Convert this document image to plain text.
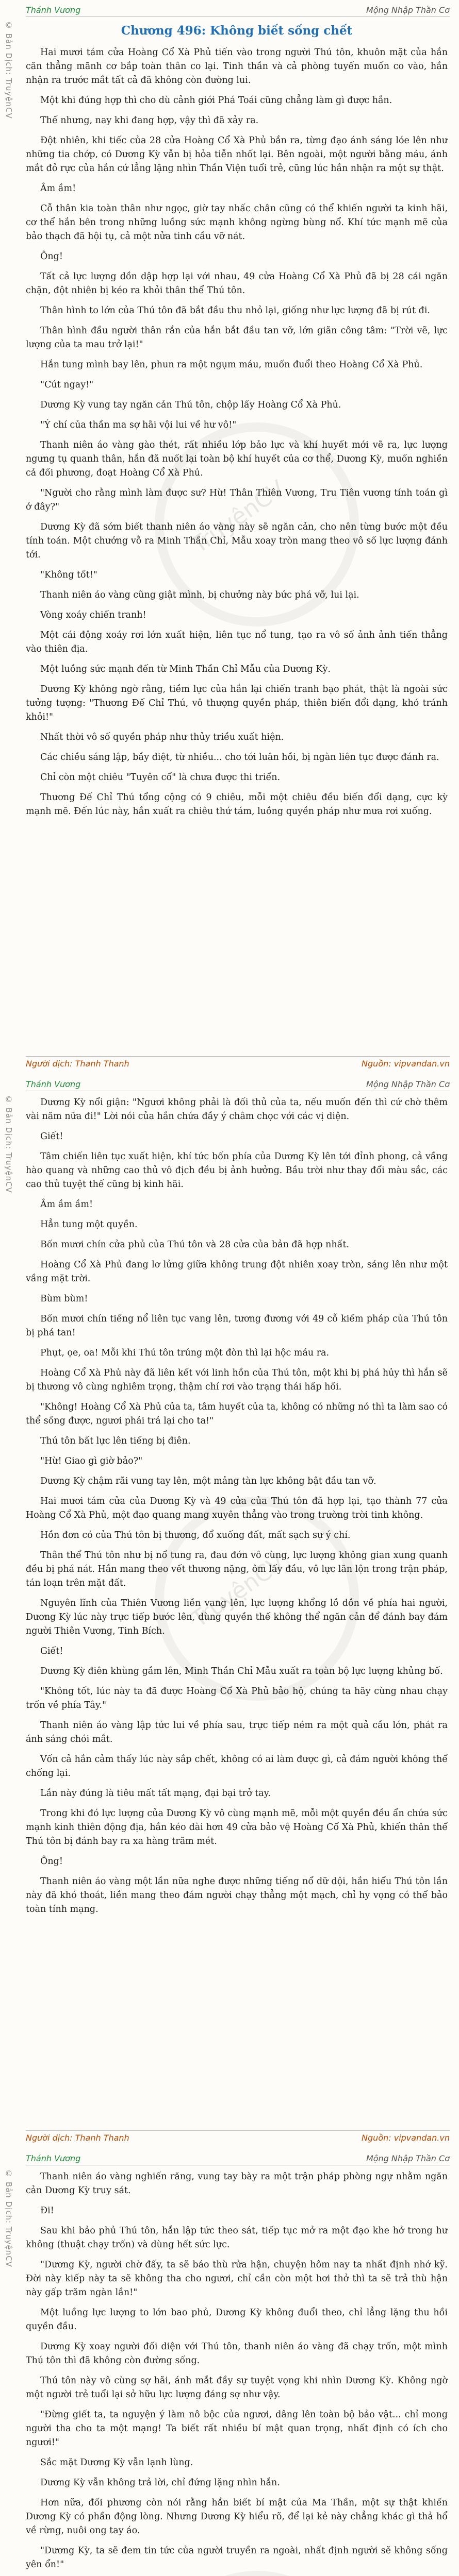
© Bản Dịch: TruyệnCV
Thánh Vương	Mộng Nhập Thần Cơ
TruyệnCV
Chương 496: Không biết sống chết

Hai mươi tám cửa Hoàng Cổ Xà Phủ tiến vào trong người Thú tôn, khuôn mặt của hắn căn thẳng mãnh cơ bắp toàn thân co lại. Tinh thần và cả phòng tuyến muốn co vào, hắn nhận ra trước mắt tất cả đã không còn đường lui.

Một khi đúng hợp thì cho dù cảnh giới Phá Toái cũng chẳng làm gì được hắn.

Thế nhưng, nay khi đang hợp, vậy thì đã xảy ra.

Đột nhiên, khi tiếc của 28 cửa Hoàng Cổ Xà Phủ bắn ra, từng đạo ánh sáng lóe lên như những tia chớp, có Dương Kỳ vẫn bị hỏa tiễn nhốt lại. Bên ngoài, một người bằng máu, ánh mắt đỏ rực của hắn cứ lẳng lặng nhìn Thần Viện tuổi trẻ, cũng lúc hắn nhận ra một sự thật.

Âm ầm!

Cỗ thân kia toàn thân như ngọc, giờ tay nhấc chân cũng có thể khiến người ta kinh hãi, cơ thể hắn bên trong những luồng sức mạnh không ngừng bùng nổ. Khí tức mạnh mẽ của bảo thạch đã hội tụ, cả một nửa tinh cầu vỡ nát.

Ông!

Tất cả lực lượng dồn dập hợp lại với nhau, 49 cửa Hoàng Cổ Xà Phủ đã bị 28 cái ngăn chặn, đột nhiên bị kéo ra khỏi thân thể Thú tôn.

Thân hình to lớn của Thú tôn đã bắt đầu thu nhỏ lại, giống như lực lượng đã bị rút đi.

Thân hình đầu người thân rắn của hắn bắt đầu tan vỡ, lớn giãn công tâm: "Trời vẽ, lực lượng của ta mau trở lại!"

Hắn tung mình bay lên, phun ra một ngụm máu, muốn đuổi theo Hoàng Cổ Xà Phủ.

"Cút ngay!"

Dương Kỳ vung tay ngăn cản Thú tôn, chộp lấy Hoàng Cổ Xà Phủ.

"Ý chí của thần ma sợ hãi vội lui về hư vô!"

Thanh niên áo vàng gào thét, rất nhiều lớp bảo lực và khí huyết mới vẽ ra, lực lượng ngưng tụ quanh thân, hắn đã nuốt lại toàn bộ khí huyết của cơ thể, Dương Kỳ, muốn nghiền cả đối phương, đoạt Hoàng Cổ Xà Phủ.

"Người cho rằng mình làm được sư? Hừ! Thân Thiên Vương, Tru Tiên vương tính toán gì ở đây?"

Dương Kỳ đã sớm biết thanh niên áo vàng này sẽ ngăn cản, cho nên từng bước một đều tính toán. Một chưởng vỗ ra Minh Thần Chỉ, Mẫu xoay tròn mang theo vô số lực lượng đánh tới.

"Không tốt!"

Thanh niên áo vàng cũng giật mình, bị chưởng này bức phá vỡ, lui lại.

Vòng xoáy chiến tranh!

Một cái động xoáy rơi lớn xuất hiện, liên tục nổ tung, tạo ra vô số ảnh ảnh tiến thẳng vào thiên địa.

Một luồng sức mạnh đến từ Minh Thần Chỉ Mẫu của Dương Kỳ.

Dương Kỳ không ngờ rằng, tiềm lực của hắn lại chiến tranh bạo phát, thật là ngoài sức tưởng tượng: "Thương Đế Chỉ Thú, vô thượng quyền pháp, thiên biến đổi dạng, khó tránh khỏi!"

Nhất thời vô số quyền pháp như thủy triều xuất hiện.

Các chiều sáng lập, bầy diệt, từ nhiều... cho tới luân hồi, bị ngàn liên tục được đánh ra.

Chỉ còn một chiêu "Tuyên cổ" là chưa được thi triển.

Thương Đế Chỉ Thú tổng cộng có 9 chiêu, mỗi một chiêu đều biến đổi dạng, cực kỳ mạnh mẽ. Đến lúc này, hắn xuất ra chiêu thứ tám, luồng quyền pháp như mưa rơi xuống.

Người dịch: Thanh Thanh	Nguồn: vipvandan.vn
© Bản Dịch: TruyệnCV
Thánh Vương	Mộng Nhập Thần Cơ
TruyệnCV

Dương Kỳ nổi giận: "Ngươi không phải là đối thủ của ta, nếu muốn đến thì cứ chờ thêm vài năm nữa đi!" Lời nói của hắn chứa đầy ý châm chọc với các vị diện.

Giết!

Tâm chiến liên tục xuất hiện, khí tức bốn phía của Dương Kỳ lên tới đỉnh phong, cả vầng hào quang và những cao thủ vô địch đều bị ảnh hưởng. Bầu trời như thay đổi màu sắc, các cao thủ tuyệt thế cũng bị kinh hãi.

Âm ầm ầm!

Hẳn tung một quyền.

Bốn mươi chín cửa phủ của Thú tôn và 28 cửa của bản đã hợp nhất.

Hoàng Cổ Xà Phủ đang lơ lửng giữa không trung đột nhiên xoay tròn, sáng lên như một vầng mặt trời.

Bùm bùm!

Bốn mươi chín tiếng nổ liên tục vang lên, tương đương với 49 cỗ kiếm pháp của Thú tôn bị phá tan!

Phụt, ọe, oa! Mỗi khi Thú tôn trúng một đòn thì lại hộc máu ra.

Hoàng Cổ Xà Phủ này đã liên kết với linh hồn của Thú tôn, một khi bị phá hủy thì hắn sẽ bị thương vô cùng nghiêm trọng, thậm chí rơi vào trạng thái hấp hối.

"Không! Hoàng Cổ Xà Phủ của ta, tâm huyết của ta, không có những nó thì ta làm sao có thể sống được, ngươi phải trả lại cho ta!"

Thú tôn bất lực lên tiếng bị điên.

"Hừ! Giao gì giờ bảo?"

Dương Kỳ chậm rãi vung tay lên, một mảng tàn lực không bật đầu tan vỡ.

Hai mươi tám cửa của Dương Kỳ và 49 cửa của Thú tôn đã hợp lại, tạo thành 77 cửa Hoàng Cổ Xà Phủ, một đạo quang mang xuyên thẳng vào trong trường trời tinh không.

Hồn đơn có của Thú tôn bị thương, đổ xuống đất, mất sạch sự ý chí.

Thân thể Thú tôn như bị nổ tung ra, đau đớn vô cùng, lực lượng không gian xung quanh đều bị phá nát. Hắn mang theo vết thương nặng, ôm lấy đầu, vô lực lăn lộn trong trận pháp, tán loạn trên mặt đất.

Nguyên lĩnh của Thiên Vương liền vang lên, lực lượng khổng lồ dồn về phía hai người, Dương Kỳ lúc này trực tiếp bước lên, dùng quyền thế không thể ngăn cản để đánh bay đám người Thiên Vương, Tinh Bích.

Giết!

Dương Kỳ điên khùng gầm lên, Minh Thần Chỉ Mẫu xuất ra toàn bộ lực lượng khủng bố.

"Không tốt, lúc này ta đã được Hoàng Cổ Xà Phủ bảo hộ, chúng ta hãy cùng nhau chạy trốn về phía Tây."

Thanh niên áo vàng lập tức lui về phía sau, trực tiếp ném ra một quả cầu lớn, phát ra ánh sáng chói mắt.

Vốn cả hắn cảm thấy lúc này sắp chết, không có ai làm được gì, cả đám người không thể chống lại.

Lần này đúng là tiêu mất tất mạng, đại bại trở tay.

Trong khi đó lực lượng của Dương Kỳ vô cùng mạnh mẽ, mỗi một quyền đều ẩn chứa sức mạnh kinh thiên động địa, hắn kéo dài hơn 49 cửa bảo vệ Hoàng Cổ Xà Phủ, khiến thân thể Thú tôn bị đánh bay ra xa hàng trăm mét.

Ông!

Thanh niên áo vàng một lần nữa nghe được những tiếng nổ dữ dội, hắn hiểu Thú tôn lần này đã khó thoát, liền mang theo đám người chạy thẳng một mạch, chỉ hy vọng có thể bảo toàn tính mạng.

Người dịch: Thanh Thanh	Nguồn: vipvandan.vn
© Bản Dịch: TruyệnCV
Thánh Vương	Mộng Nhập Thần Cơ

Thanh niên áo vàng nghiến răng, vung tay bày ra một trận pháp phòng ngự nhằm ngăn cản Dương Kỳ truy sát.

Đi!

Sau khi bảo phủ Thú tôn, hắn lập tức theo sát, tiếp tục mở ra một đạo khe hở trong hư không (thuật chạy trốn) và dùng hết sức lực.

"Dương Kỳ, người chờ đấy, ta sẽ báo thù rửa hận, chuyện hôm nay ta nhất định nhớ kỹ. Đời này kiếp này ta sẽ không tha cho ngươi, chỉ cần còn một hơi thở thì ta sẽ trả thù hận này gấp trăm ngàn lần!"

Một luồng lực lượng to lớn bao phủ, Dương Kỳ không đuổi theo, chỉ lẳng lặng thu hồi quyền đầu.

Dương Kỳ xoay người đối diện với Thú tôn, thanh niên áo vàng đã chạy trốn, một mình Thú tôn thì đã không còn đường sống.

Thú tôn này vô cùng sợ hãi, ánh mắt đầy sự tuyệt vọng khi nhìn Dương Kỳ. Không ngờ một người trẻ tuổi lại sở hữu lực lượng đáng sợ như vậy.

"Đừng giết ta, ta nguyện ý làm nô bộc của ngươi, dâng lên toàn bộ bảo vật... chỉ mong người tha cho ta một mạng! Ta biết rất nhiều bí mật quan trọng, nhất định có ích cho ngươi!"

Sắc mặt Dương Kỳ vẫn lạnh lùng.

Dương Kỳ vẫn không trả lời, chỉ đứng lặng nhìn hắn.

Hơn nữa, đối phương còn nói rằng hắn biết bí mật của Ma Thần, một sự thật khiến Dương Kỳ có phần động lòng. Nhưng Dương Kỳ hiểu rõ, để lại kẻ này chẳng khác gì thả hổ về rừng, nuôi ong tay áo.

"Dương Kỳ, ta sẽ đem tin tức của người truyền ra ngoài, nhất định người sẽ không sống yên ổn!"
